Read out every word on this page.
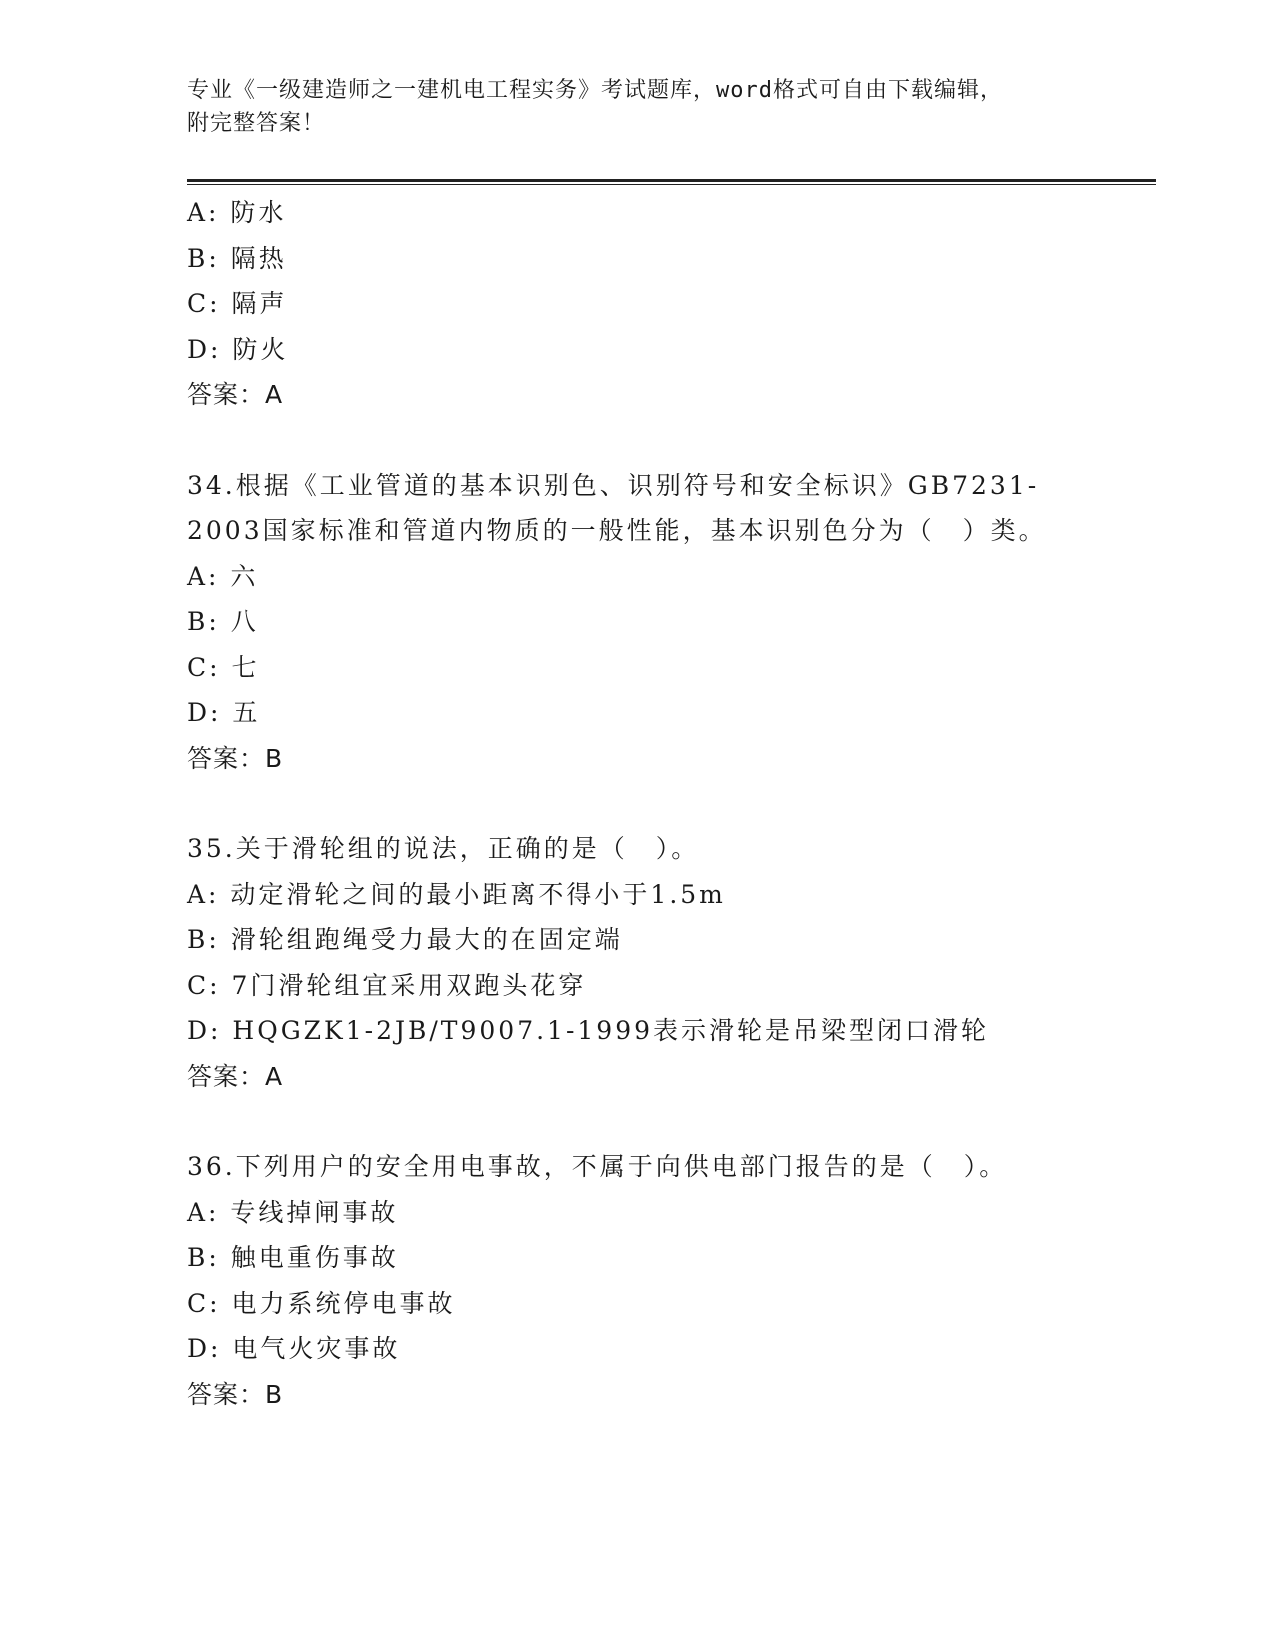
专业《一级建造师之一建机电工程实务》考试题库，word格式可自由下载编辑，
附完整答案！
A: 防水
B: 隔热
C: 隔声
D: 防火
答案：A
34.根据《工业管道的基本识别色、识别符号和安全标识》GB7231-
2003国家标准和管道内物质的一般性能，基本识别色分为（　）类。
A: 六
B: 八
C: 七
D: 五
答案：B
35.关于滑轮组的说法，正确的是（　）。
A: 动定滑轮之间的最小距离不得小于1.5m
B: 滑轮组跑绳受力最大的在固定端
C: 7门滑轮组宜采用双跑头花穿
D: HQGZK1-2JB/T9007.1-1999表示滑轮是吊梁型闭口滑轮
答案：A
36.下列用户的安全用电事故，不属于向供电部门报告的是（　）。
A: 专线掉闸事故
B: 触电重伤事故
C: 电力系统停电事故
D: 电气火灾事故
答案：B
